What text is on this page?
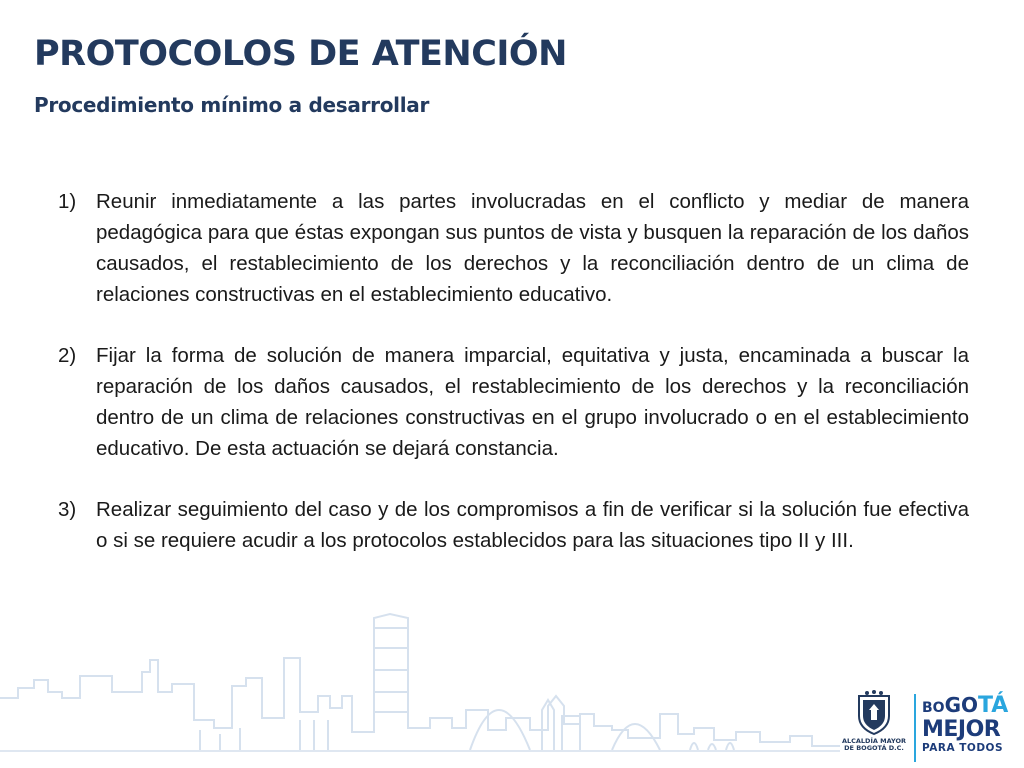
PROTOCOLOS DE ATENCIÓN
Procedimiento mínimo a desarrollar
1) Reunir inmediatamente a las partes involucradas en el conflicto y mediar de manera pedagógica para que éstas expongan sus puntos de vista y busquen la reparación de los daños causados, el restablecimiento de los derechos y la reconciliación dentro de un clima de relaciones constructivas en el establecimiento educativo.
2) Fijar la forma de solución de manera imparcial, equitativa y justa, encaminada a buscar la reparación de los daños causados, el restablecimiento de los derechos y la reconciliación dentro de un clima de relaciones constructivas en el grupo involucrado o en el establecimiento educativo. De esta actuación se dejará constancia.
3) Realizar seguimiento del caso y de los compromisos a fin de verificar si la solución fue efectiva o si se requiere acudir a los protocolos establecidos para las situaciones tipo II y III.
ALCALDÍA MAYOR
DE BOGOTÁ D.C.
BOGOTÁ
MEJOR
PARA TODOS
